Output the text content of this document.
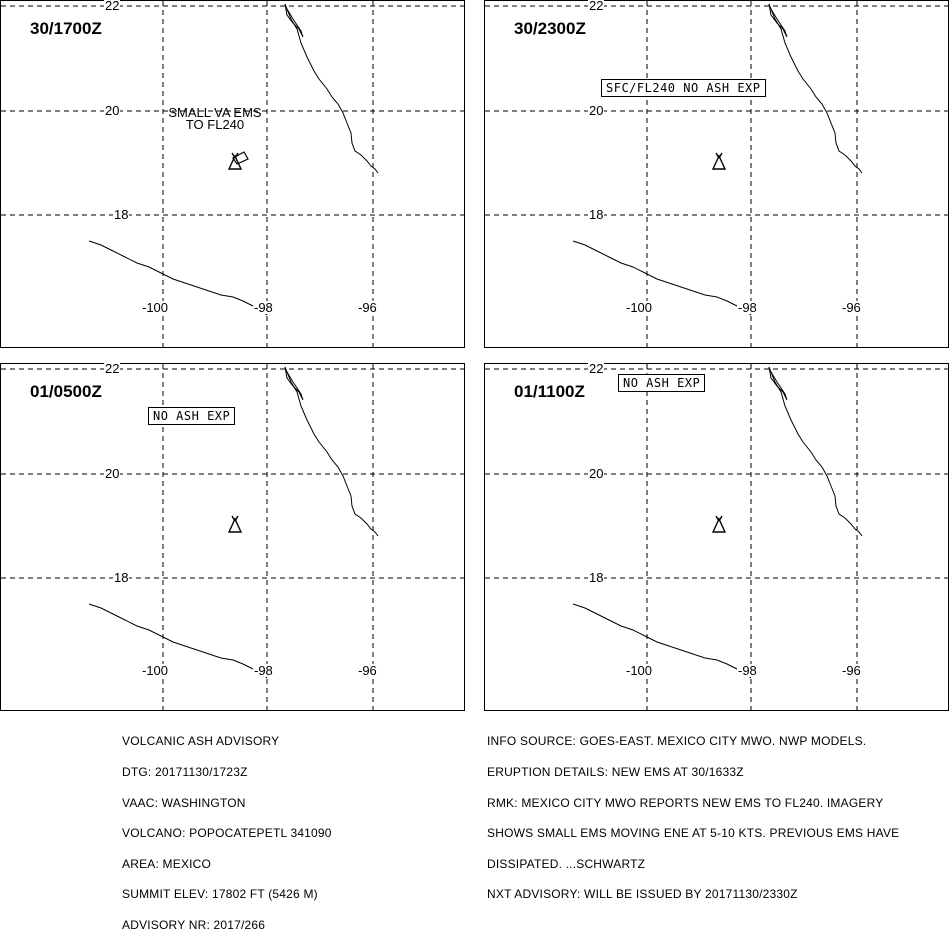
30/1700Z
22
20
18
-100	-98	-96
SMALL VA EMS
TO FL240
30/2300Z
22
20
18
-100	-98	-96
SFC/FL240 NO ASH EXP
01/0500Z
22
20
18
-100	-98	-96
NO ASH EXP
01/1100Z
22
20
18
-100	-98	-96
NO ASH EXP

VOLCANIC ASH ADVISORY

DTG: 20171130/1723Z

VAAC: WASHINGTON

VOLCANO: POPOCATEPETL 341090

AREA: MEXICO

SUMMIT ELEV: 17802 FT (5426 M)

ADVISORY NR: 2017/266

INFO SOURCE: GOES-EAST. MEXICO CITY MWO. NWP MODELS.

ERUPTION DETAILS: NEW EMS AT 30/1633Z

RMK: MEXICO CITY MWO REPORTS NEW EMS TO FL240. IMAGERY

SHOWS SMALL EMS MOVING ENE AT 5-10 KTS. PREVIOUS EMS HAVE

DISSIPATED. ...SCHWARTZ

NXT ADVISORY: WILL BE ISSUED BY 20171130/2330Z
